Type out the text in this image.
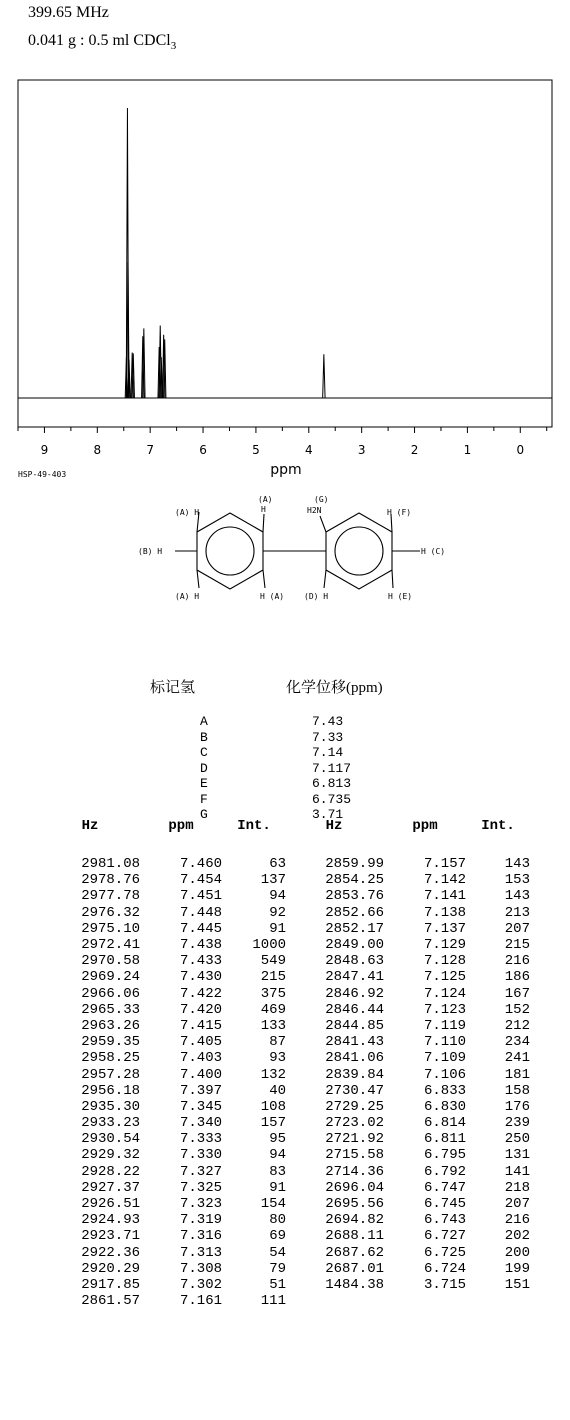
399.65 MHz
0.041 g : 0.5 ml CDCl$_3$
9	8	7	6	5	4	3	2	1	0
ppm
HSP-49-403
(A) H
(A)
H
(G)
H2N	H (F)
(B) H	H (C)
(A) H	H (A) (D) H	H (E)
标记氢	化学位移(ppm)
A	7.43
B	7.33
C	7.14
D	7.117
E	6.813
F	6.735
G	3.71
Hz	ppm	Int.
2981.08	7.460	63
2978.76	7.454	137
2977.78	7.451	94
2976.32	7.448	92
2975.10	7.445	91
2972.41	7.438	1000
2970.58	7.433	549
2969.24	7.430	215
2966.06	7.422	375
2965.33	7.420	469
2963.26	7.415	133
2959.35	7.405	87
2958.25	7.403	93
2957.28	7.400	132
2956.18	7.397	40
2935.30	7.345	108
2933.23	7.340	157
2930.54	7.333	95
2929.32	7.330	94
2928.22	7.327	83
2927.37	7.325	91
2926.51	7.323	154
2924.93	7.319	80
2923.71	7.316	69
2922.36	7.313	54
2920.29	7.308	79
2917.85	7.302	51
2861.57	7.161	111
Hz	ppm	Int.
2859.99	7.157	143
2854.25	7.142	153
2853.76	7.141	143
2852.66	7.138	213
2852.17	7.137	207
2849.00	7.129	215
2848.63	7.128	216
2847.41	7.125	186
2846.92	7.124	167
2846.44	7.123	152
2844.85	7.119	212
2841.43	7.110	234
2841.06	7.109	241
2839.84	7.106	181
2730.47	6.833	158
2729.25	6.830	176
2723.02	6.814	239
2721.92	6.811	250
2715.58	6.795	131
2714.36	6.792	141
2696.04	6.747	218
2695.56	6.745	207
2694.82	6.743	216
2688.11	6.727	202
2687.62	6.725	200
2687.01	6.724	199
1484.38	3.715	151
